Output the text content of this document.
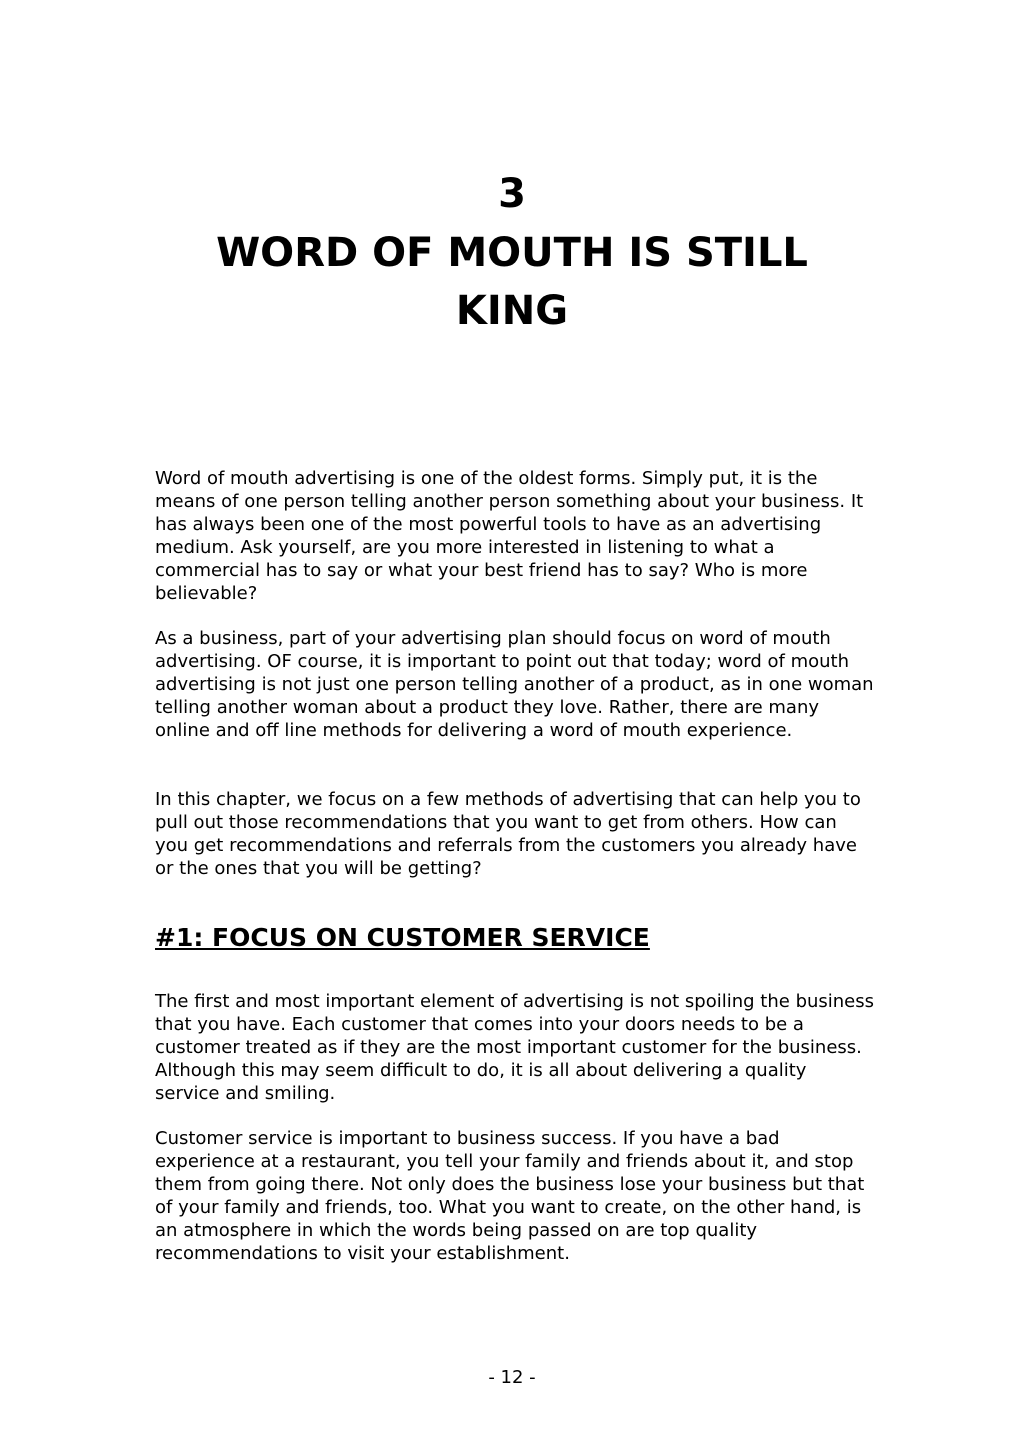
3
WORD OF MOUTH IS STILL KING

Word of mouth advertising is one of the oldest forms. Simply put, it is the means of one person telling another person something about your business. It has always been one of the most powerful tools to have as an advertising medium. Ask yourself, are you more interested in listening to what a commercial has to say or what your best friend has to say? Who is more believable?

As a business, part of your advertising plan should focus on word of mouth advertising. OF course, it is important to point out that today; word of mouth advertising is not just one person telling another of a product, as in one woman telling another woman about a product they love. Rather, there are many online and off line methods for delivering a word of mouth experience.

In this chapter, we focus on a few methods of advertising that can help you to pull out those recommendations that you want to get from others. How can you get recommendations and referrals from the customers you already have or the ones that you will be getting?

#1: FOCUS ON CUSTOMER SERVICE

The first and most important element of advertising is not spoiling the business that you have. Each customer that comes into your doors needs to be a customer treated as if they are the most important customer for the business. Although this may seem difficult to do, it is all about delivering a quality service and smiling.

Customer service is important to business success. If you have a bad experience at a restaurant, you tell your family and friends about it, and stop them from going there. Not only does the business lose your business but that of your family and friends, too. What you want to create, on the other hand, is an atmosphere in which the words being passed on are top quality recommendations to visit your establishment.

- 12 -
